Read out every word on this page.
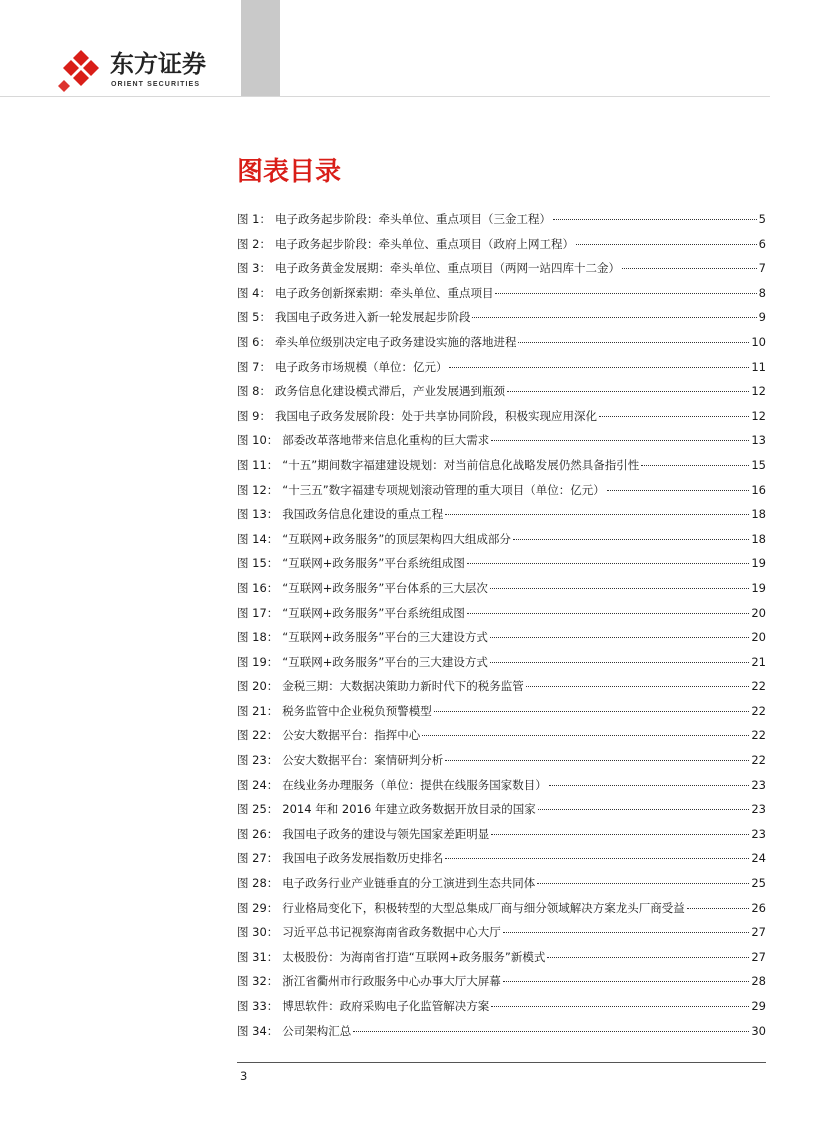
东方证券
ORIENT SECURITIES
图表目录
图 1： 电子政务起步阶段：牵头单位、重点项目（三金工程）	5
图 2： 电子政务起步阶段：牵头单位、重点项目（政府上网工程）	6
图 3： 电子政务黄金发展期：牵头单位、重点项目（两网一站四库十二金）	7
图 4： 电子政务创新探索期：牵头单位、重点项目	8
图 5： 我国电子政务进入新一轮发展起步阶段	9
图 6： 牵头单位级别决定电子政务建设实施的落地进程	10
图 7： 电子政务市场规模（单位：亿元）	11
图 8： 政务信息化建设模式滞后，产业发展遇到瓶颈	12
图 9： 我国电子政务发展阶段：处于共享协同阶段，积极实现应用深化	12
图 10： 部委改革落地带来信息化重构的巨大需求	13
图 11： “十五”期间数字福建建设规划：对当前信息化战略发展仍然具备指引性	15
图 12： “十三五”数字福建专项规划滚动管理的重大项目（单位：亿元）	16
图 13： 我国政务信息化建设的重点工程	18
图 14： “互联网+政务服务”的顶层架构四大组成部分	18
图 15： “互联网+政务服务”平台系统组成图	19
图 16： “互联网+政务服务”平台体系的三大层次	19
图 17： “互联网+政务服务”平台系统组成图	20
图 18： “互联网+政务服务”平台的三大建设方式	20
图 19： “互联网+政务服务”平台的三大建设方式	21
图 20： 金税三期：大数据决策助力新时代下的税务监管	22
图 21： 税务监管中企业税负预警模型	22
图 22： 公安大数据平台：指挥中心	22
图 23： 公安大数据平台：案情研判分析	22
图 24： 在线业务办理服务（单位：提供在线服务国家数目）	23
图 25： 2014 年和 2016 年建立政务数据开放目录的国家	23
图 26： 我国电子政务的建设与领先国家差距明显	23
图 27： 我国电子政务发展指数历史排名	24
图 28： 电子政务行业产业链垂直的分工演进到生态共同体	25
图 29： 行业格局变化下，积极转型的大型总集成厂商与细分领域解决方案龙头厂商受益	26
图 30： 习近平总书记视察海南省政务数据中心大厅	27
图 31： 太极股份：为海南省打造“互联网+政务服务”新模式	27
图 32： 浙江省衢州市行政服务中心办事大厅大屏幕	28
图 33： 博思软件：政府采购电子化监管解决方案	29
图 34： 公司架构汇总	30
3
